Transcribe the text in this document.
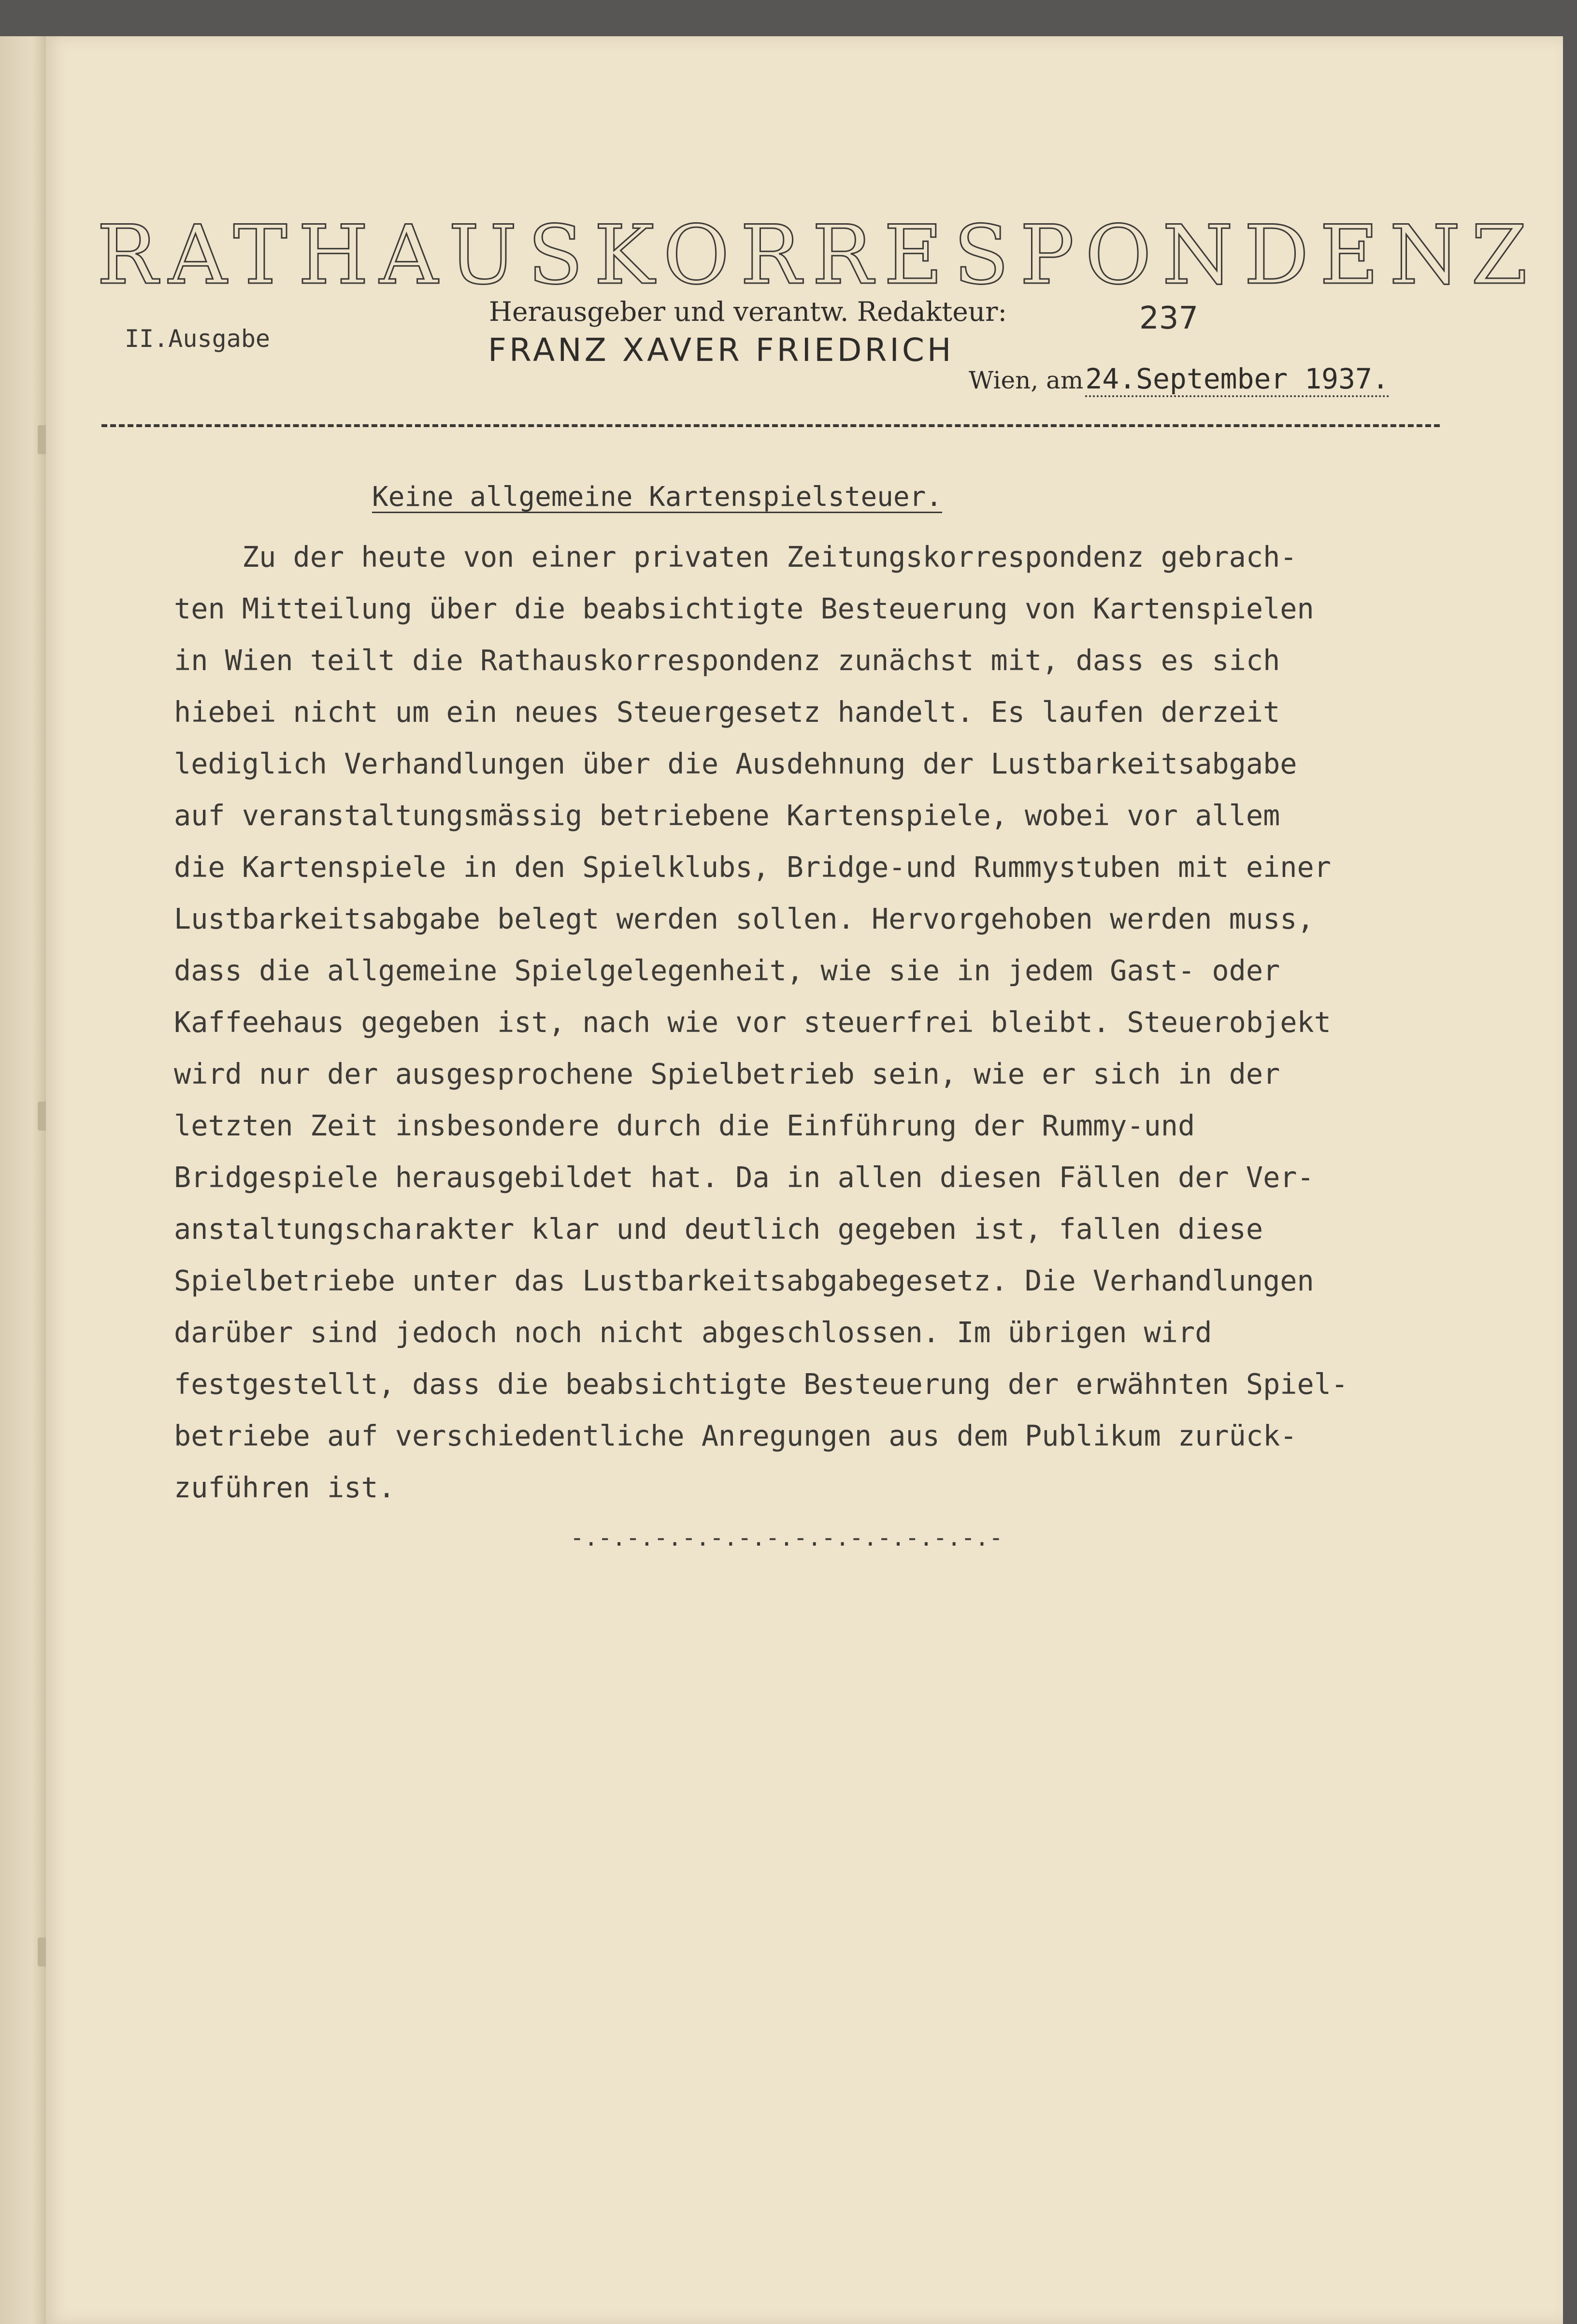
RATHAUSKORRESPONDENZ
II.Ausgabe
Herausgeber und verantw. Redakteur:
FRANZ XAVER FRIEDRICH
237
Wien, am 24.September 1937.
Keine allgemeine Kartenspielsteuer.
Zu der heute von einer privaten Zeitungskorrespondenz gebrach-
ten Mitteilung über die beabsichtigte Besteuerung von Kartenspielen
in Wien teilt die Rathauskorrespondenz zunächst mit, dass es sich
hiebei nicht um ein neues Steuergesetz handelt. Es laufen derzeit
lediglich Verhandlungen über die Ausdehnung der Lustbarkeitsabgabe
auf veranstaltungsmässig betriebene Kartenspiele, wobei vor allem
die Kartenspiele in den Spielklubs, Bridge-und Rummystuben mit einer
Lustbarkeitsabgabe belegt werden sollen. Hervorgehoben werden muss,
dass die allgemeine Spielgelegenheit, wie sie in jedem Gast- oder
Kaffeehaus gegeben ist, nach wie vor steuerfrei bleibt. Steuerobjekt
wird nur der ausgesprochene Spielbetrieb sein, wie er sich in der
letzten Zeit insbesondere durch die Einführung der Rummy-und
Bridgespiele herausgebildet hat. Da in allen diesen Fällen der Ver-
anstaltungscharakter klar und deutlich gegeben ist, fallen diese
Spielbetriebe unter das Lustbarkeitsabgabegesetz. Die Verhandlungen
darüber sind jedoch noch nicht abgeschlossen. Im übrigen wird
festgestellt, dass die beabsichtigte Besteuerung der erwähnten Spiel-
betriebe auf verschiedentliche Anregungen aus dem Publikum zurück-
zuführen ist.
-.-.-.-.-.-.-.-.-.-.-.-.-.-.-.-
